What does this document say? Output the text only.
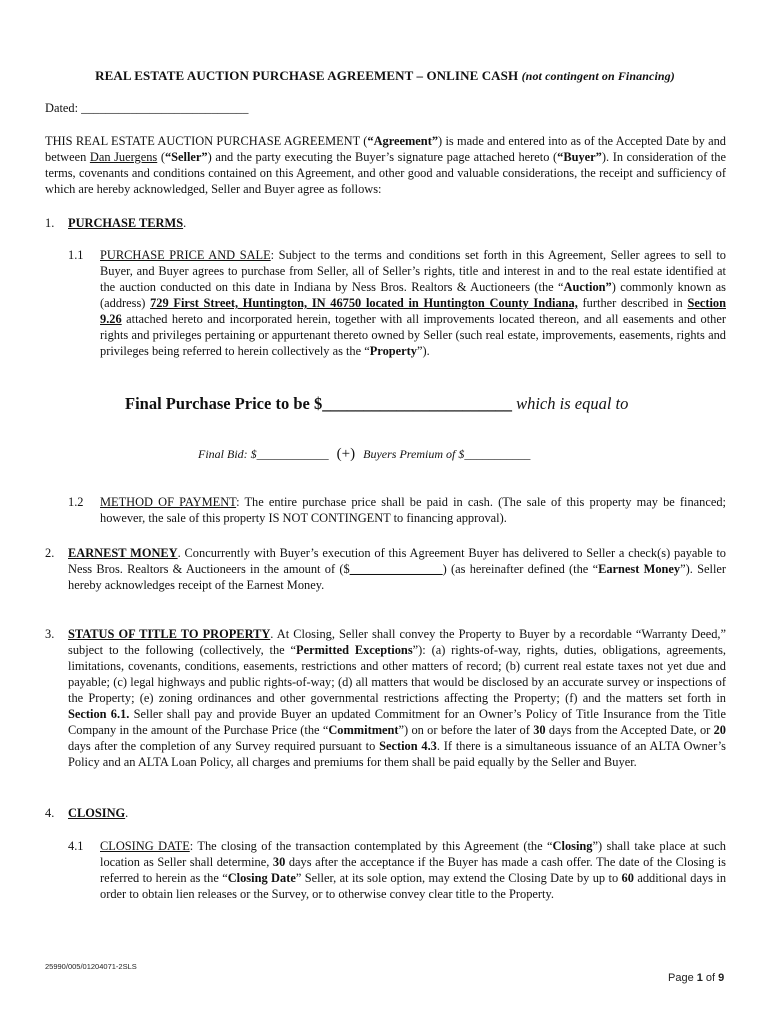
REAL ESTATE AUCTION PURCHASE AGREEMENT – ONLINE CASH (not contingent on Financing)
Dated: ___________________________
THIS REAL ESTATE AUCTION PURCHASE AGREEMENT (“Agreement”) is made and entered into as of the Accepted Date by and between Dan Juergens (“Seller”) and the party executing the Buyer’s signature page attached hereto (“Buyer”). In consideration of the terms, covenants and conditions contained on this Agreement, and other good and valuable considerations, the receipt and sufficiency of which are hereby acknowledged, Seller and Buyer agree as follows:
1. PURCHASE TERMS.
1.1 PURCHASE PRICE AND SALE: Subject to the terms and conditions set forth in this Agreement, Seller agrees to sell to Buyer, and Buyer agrees to purchase from Seller, all of Seller’s rights, title and interest in and to the real estate identified at the auction conducted on this date in Indiana by Ness Bros. Realtors & Auctioneers (the “Auction”) commonly known as (address) 729 First Street, Huntington, IN 46750 located in Huntington County Indiana, further described in Section 9.26 attached hereto and incorporated herein, together with all improvements located thereon, and all easements and other rights and privileges pertaining or appurtenant thereto owned by Seller (such real estate, improvements, easements, rights and privileges being referred to herein collectively as the “Property”).
Final Purchase Price to be $_______________________ which is equal to
Final Bid: $____________ (+) Buyers Premium of $___________
1.2 METHOD OF PAYMENT: The entire purchase price shall be paid in cash. (The sale of this property may be financed; however, the sale of this property IS NOT CONTINGENT to financing approval).
2. EARNEST MONEY. Concurrently with Buyer’s execution of this Agreement Buyer has delivered to Seller a check(s) payable to Ness Bros. Realtors & Auctioneers in the amount of ($_______________) (as hereinafter defined (the “Earnest Money”). Seller hereby acknowledges receipt of the Earnest Money.
3. STATUS OF TITLE TO PROPERTY. At Closing, Seller shall convey the Property to Buyer by a recordable “Warranty Deed,” subject to the following (collectively, the “Permitted Exceptions”): (a) rights-of-way, rights, duties, obligations, agreements, limitations, covenants, conditions, easements, restrictions and other matters of record; (b) current real estate taxes not yet due and payable; (c) legal highways and public rights-of-way; (d) all matters that would be disclosed by an accurate survey or inspections of the Property; (e) zoning ordinances and other governmental restrictions affecting the Property; (f) and the matters set forth in Section 6.1. Seller shall pay and provide Buyer an updated Commitment for an Owner’s Policy of Title Insurance from the Title Company in the amount of the Purchase Price (the “Commitment”) on or before the later of 30 days from the Accepted Date, or 20 days after the completion of any Survey required pursuant to Section 4.3. If there is a simultaneous issuance of an ALTA Owner’s Policy and an ALTA Loan Policy, all charges and premiums for them shall be paid equally by the Seller and Buyer.
4. CLOSING.
4.1 CLOSING DATE: The closing of the transaction contemplated by this Agreement (the “Closing”) shall take place at such location as Seller shall determine, 30 days after the acceptance if the Buyer has made a cash offer. The date of the Closing is referred to herein as the “Closing Date” Seller, at its sole option, may extend the Closing Date by up to 60 additional days in order to obtain lien releases or the Survey, or to otherwise convey clear title to the Property.
25990/005/01204071-2SLS
Page 1 of 9
